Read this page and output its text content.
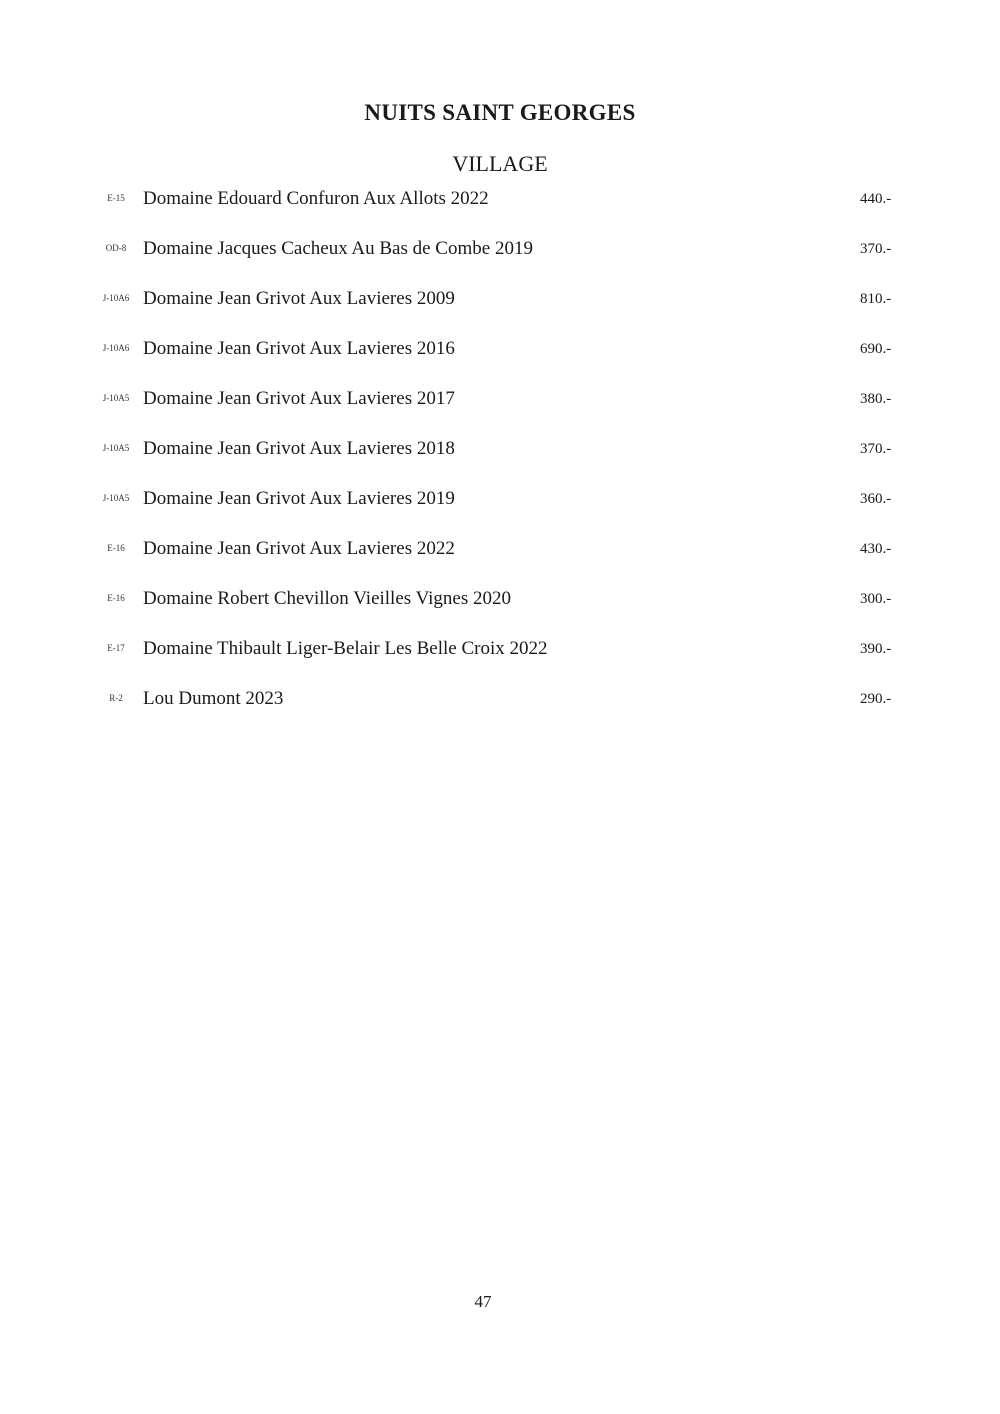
NUITS SAINT GEORGES
VILLAGE
E-15 Domaine Edouard Confuron Aux Allots 2022	440.-
OD-8 Domaine Jacques Cacheux Au Bas de Combe 2019	370.-
J-10A6 Domaine Jean Grivot Aux Lavieres 2009	810.-
J-10A6 Domaine Jean Grivot Aux Lavieres 2016	690.-
J-10A5 Domaine Jean Grivot Aux Lavieres 2017	380.-
J-10A5 Domaine Jean Grivot Aux Lavieres 2018	370.-
J-10A5 Domaine Jean Grivot Aux Lavieres 2019	360.-
E-16 Domaine Jean Grivot Aux Lavieres 2022	430.-
E-16 Domaine Robert Chevillon Vieilles Vignes 2020	300.-
E-17 Domaine Thibault Liger-Belair Les Belle Croix 2022	390.-
R-2	Lou Dumont 2023	290.-
47
